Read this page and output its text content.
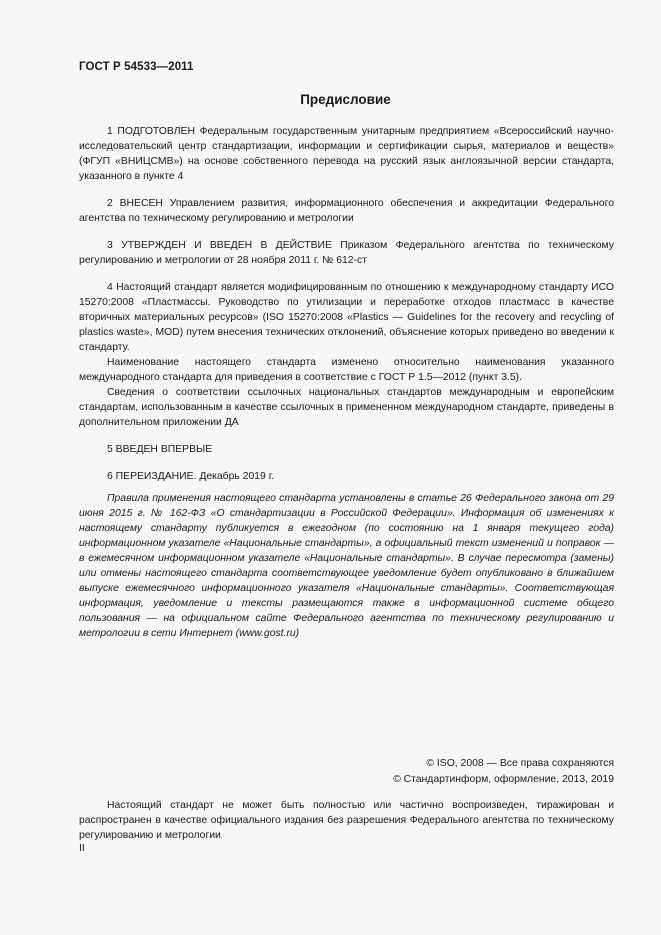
ГОСТ Р 54533—2011
Предисловие

1 ПОДГОТОВЛЕН Федеральным государственным унитарным предприятием «Всероссийский научно-исследовательский центр стандартизации, информации и сертификации сырья, материалов и веществ» (ФГУП «ВНИЦСМВ») на основе собственного перевода на русский язык англоязычной версии стандарта, указанного в пункте 4

2 ВНЕСЕН Управлением развития, информационного обеспечения и аккредитации Федерального агентства по техническому регулированию и метрологии

3 УТВЕРЖДЕН И ВВЕДЕН В ДЕЙСТВИЕ Приказом Федерального агентства по техническому регулированию и метрологии от 28 ноября 2011 г. № 612-ст

4 Настоящий стандарт является модифицированным по отношению к международному стандарту ИСО 15270:2008 «Пластмассы. Руководство по утилизации и переработке отходов пластмасс в качестве вторичных материальных ресурсов» (ISO 15270:2008 «Plastics — Guidelines for the recovery and recycling of plastics waste», MOD) путем внесения технических отклонений, объяснение которых приведено во введении к стандарту.

Наименование настоящего стандарта изменено относительно наименования указанного международного стандарта для приведения в соответствие с ГОСТ Р 1.5—2012 (пункт 3.5).

Сведения о соответствии ссылочных национальных стандартов международным и европейским стандартам, использованным в качестве ссылочных в примененном международном стандарте, приведены в дополнительном приложении ДА

5 ВВЕДЕН ВПЕРВЫЕ

6 ПЕРЕИЗДАНИЕ. Декабрь 2019 г.

Правила применения настоящего стандарта установлены в статье 26 Федерального закона от 29 июня 2015 г. № 162-ФЗ «О стандартизации в Российской Федерации». Информация об изменениях к настоящему стандарту публикуется в ежегодном (по состоянию на 1 января текущего года) информационном указателе «Национальные стандарты», а официальный текст изменений и поправок — в ежемесячном информационном указателе «Национальные стандарты». В случае пересмотра (замены) или отмены настоящего стандарта соответствующее уведомление будет опубликовано в ближайшем выпуске ежемесячного информационного указателя «Национальные стандарты». Соответствующая информация, уведомление и тексты размещаются также в информационной системе общего пользования — на официальном сайте Федерального агентства по техническому регулированию и метрологии в сети Интернет (www.gost.ru)
© ISO, 2008 — Все права сохраняются
© Стандартинформ, оформление, 2013, 2019
Настоящий стандарт не может быть полностью или частично воспроизведен, тиражирован и распространен в качестве официального издания без разрешения Федерального агентства по техническому регулированию и метрологии
II
